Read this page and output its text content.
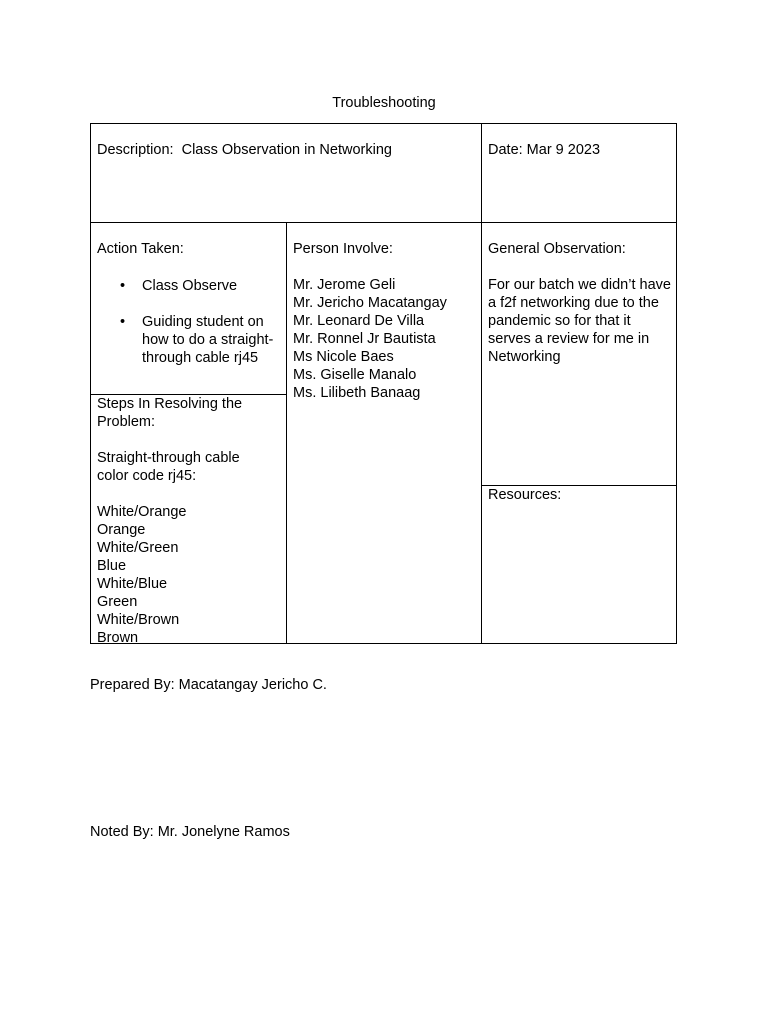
Troubleshooting

Description:  Class Observation in Networking	Date: Mar 9 2023

Action Taken:

• Class Observe
• Guiding student on how to do a straight-through cable rj45

Steps In Resolving the Problem:

Straight-through cable color code rj45:

White/Orange
Orange
White/Green
Blue
White/Blue
Green
White/Brown
Brown

Person Involve:

Mr. Jerome Geli
Mr. Jericho Macatangay
Mr. Leonard De Villa
Mr. Ronnel Jr Bautista
Ms Nicole Baes
Ms. Giselle Manalo
Ms. Lilibeth Banaag

General Observation:

For our batch we didn’t have a f2f networking due to the pandemic so for that it serves a review for me in Networking

Resources:

Prepared By: Macatangay Jericho C.
Noted By: Mr. Jonelyne Ramos
